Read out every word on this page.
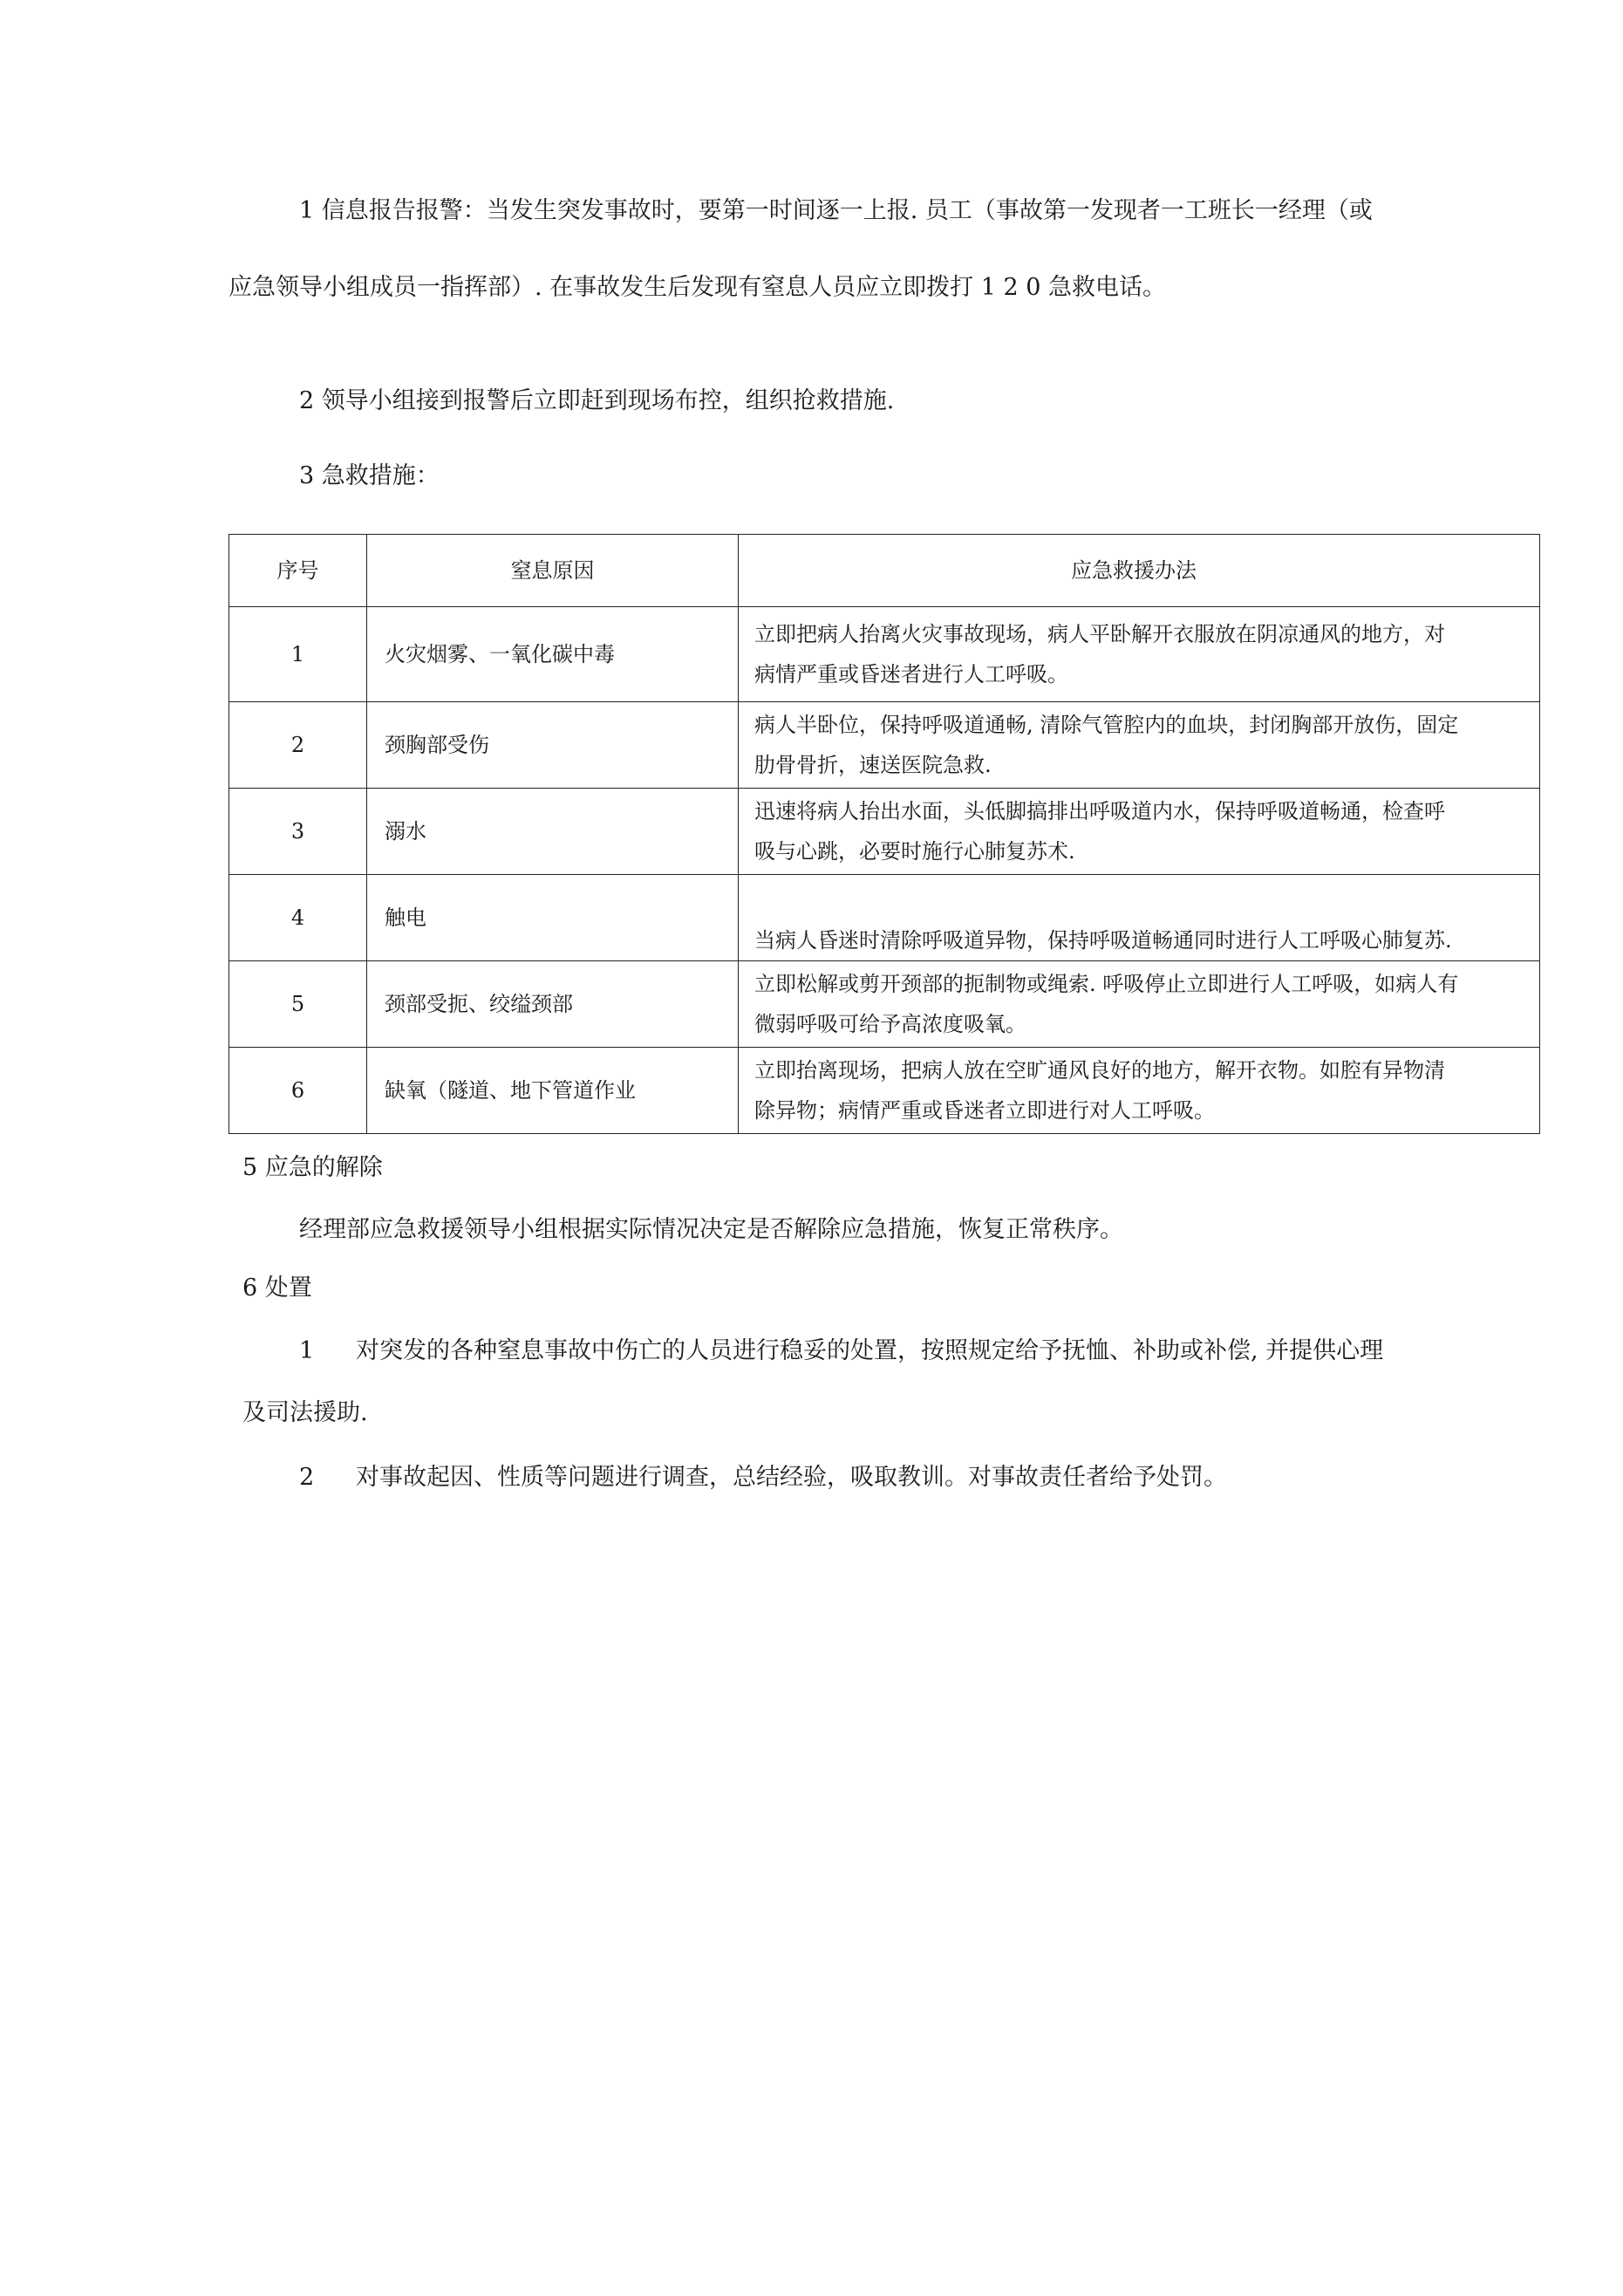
1 信息报告报警：当发生突发事故时，要第一时间逐一上报. 员工（事故第一发现者一工班长一经理（或

应急领导小组成员一指挥部）. 在事故发生后发现有窒息人员应立即拨打 1 2 0 急救电话。

2 领导小组接到报警后立即赶到现场布控，组织抢救措施.

3 急救措施：

序号	窒息原因	应急救援办法
1	火灾烟雾、一氧化碳中毒	立即把病人抬离火灾事故现场，病人平卧解开衣服放在阴凉通风的地方，对
病情严重或昏迷者进行人工呼吸。

2	颈胸部受伤	病人半卧位，保持呼吸道通畅, 清除气管腔内的血块，封闭胸部开放伤，固定
肋骨骨折，速送医院急救.

3	溺水	迅速将病人抬出水面，头低脚搞排出呼吸道内水，保持呼吸道畅通，检查呼
吸与心跳，必要时施行心肺复苏术.

4	触电	当病人昏迷时清除呼吸道异物，保持呼吸道畅通同时进行人工呼吸心肺复苏.

5	颈部受扼、绞缢颈部	立即松解或剪开颈部的扼制物或绳索. 呼吸停止立即进行人工呼吸，如病人有
微弱呼吸可给予高浓度吸氧。

6	缺氧（隧道、地下管道作业	立即抬离现场，把病人放在空旷通风良好的地方，解开衣物。如腔有异物清
除异物；病情严重或昏迷者立即进行对人工呼吸。

5 应急的解除

经理部应急救援领导小组根据实际情况决定是否解除应急措施，恢复正常秩序。

6 处置

1 对突发的各种窒息事故中伤亡的人员进行稳妥的处置，按照规定给予抚恤、补助或补偿, 并提供心理

及司法援助.

2 对事故起因、性质等问题进行调查，总结经验，吸取教训。对事故责任者给予处罚。
